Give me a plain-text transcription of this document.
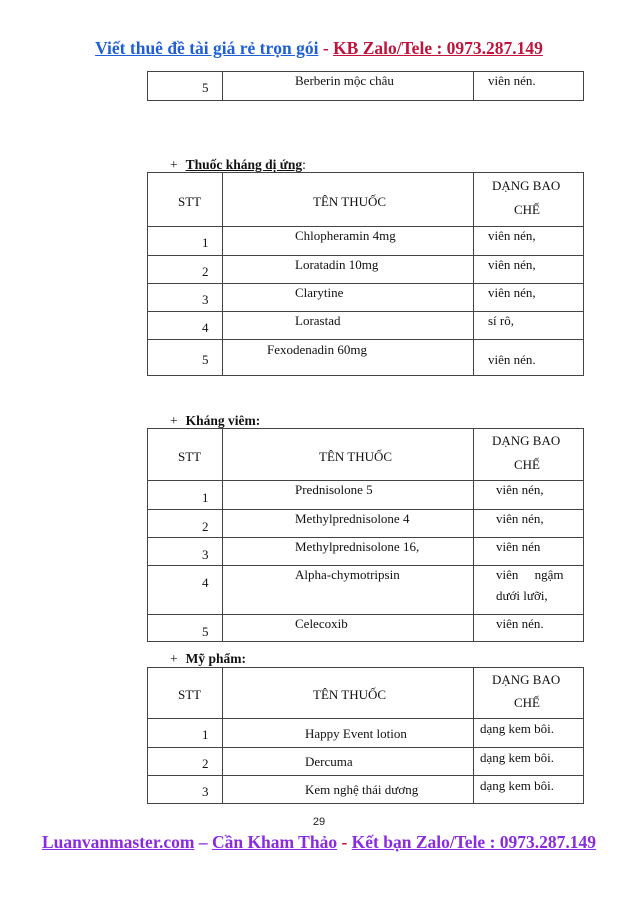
Viết thuê đề tài giá rẻ trọn gói - KB Zalo/Tele : 0973.287.149
5	Berberin mộc châu	viên nén.
+ Thuốc kháng dị ứng:
STT	TÊN THUỐC	DẠNG BAO
CHẾ

1	Chlopheramin 4mg	viên nén,

2	Loratadin 10mg	viên nén,

3	Clarytine	viên nén,

4	Lorastad	sí rô,

5	Fexodenadin 60mg	viên nén.
+ Kháng viêm:
STT	TÊN THUỐC	DẠNG BAO
CHẾ

1	Prednisolone 5	viên nén,

2	Methylprednisolone 4	viên nén,

3	Methylprednisolone 16,	viên nén

4	Alpha-chymotripsin	viên     ngậm
dưới lưỡi,

5	Celecoxib	viên nén.
+ Mỹ phẩm:
STT	TÊN THUỐC	DẠNG BAO
CHẾ

1	Happy Event lotion	dạng kem bôi.

2	Dercuma	dạng kem bôi.

3	Kem nghệ thái dương	dạng kem bôi.
29
Luanvanmaster.com – Cần Kham Thảo - Kết bạn Zalo/Tele : 0973.287.149
